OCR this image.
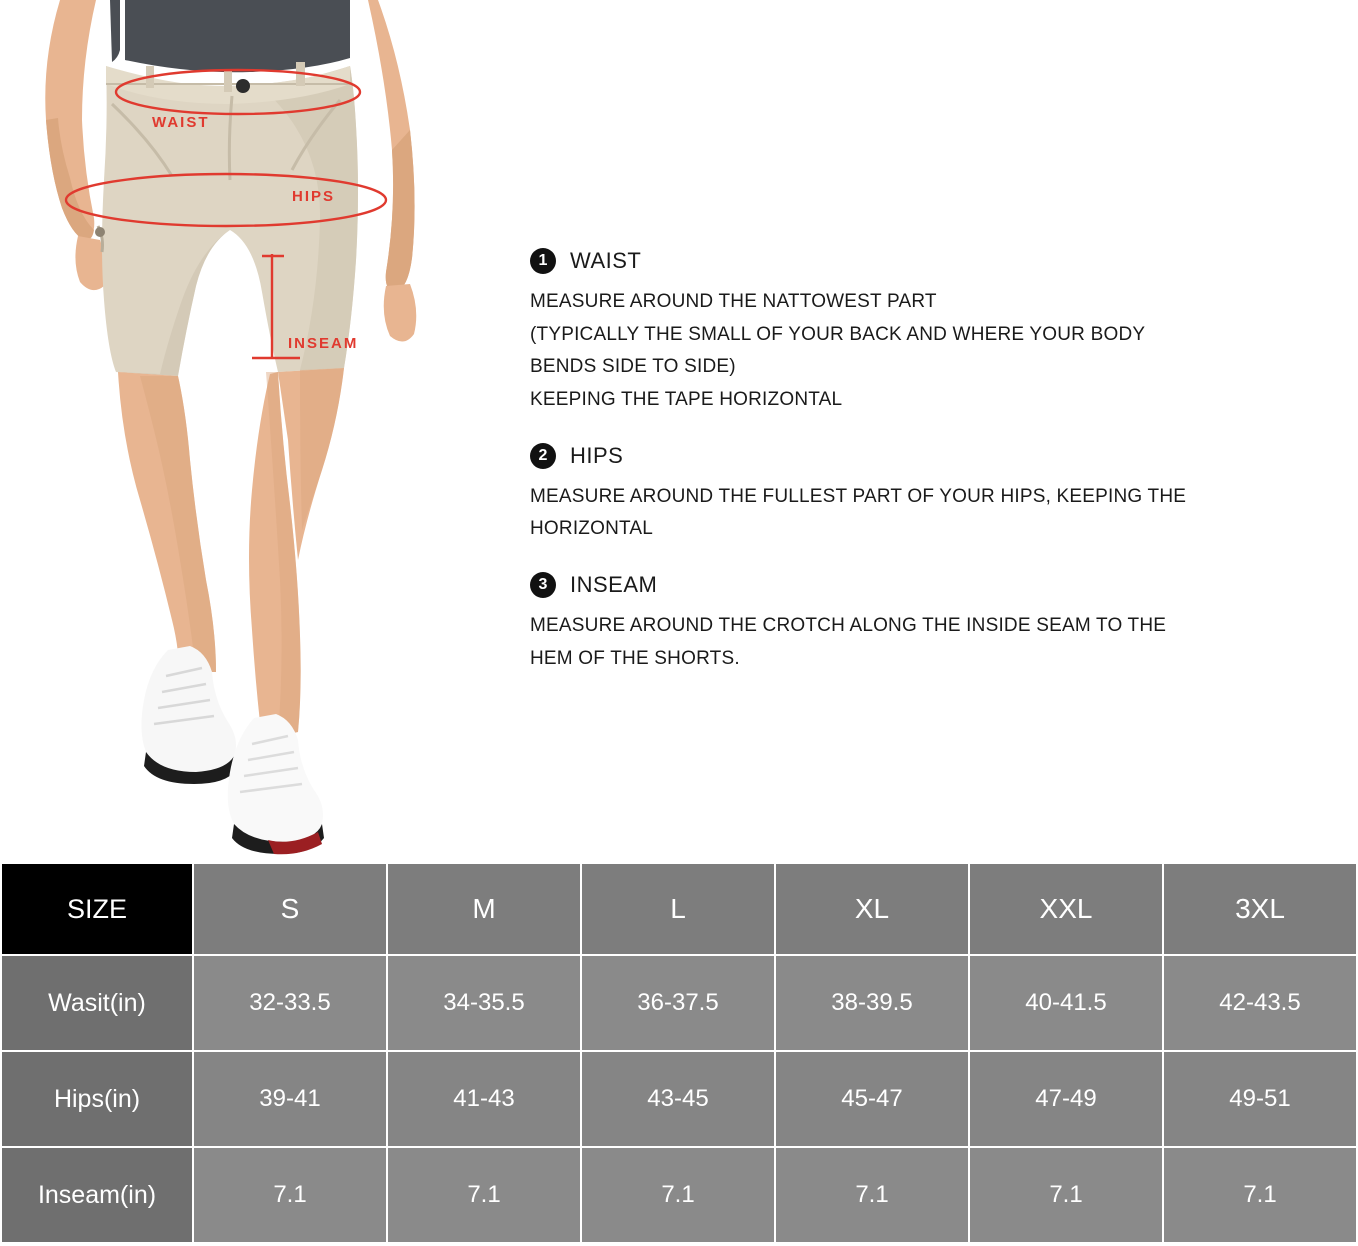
WAIST
HIPS
INSEAM
1	WAIST
MEASURE AROUND THE NATTOWEST PART
(TYPICALLY THE SMALL OF YOUR BACK AND WHERE YOUR BODY
BENDS SIDE TO SIDE)
KEEPING THE TAPE HORIZONTAL
2	HIPS
MEASURE AROUND THE FULLEST PART OF YOUR HIPS, KEEPING THE
HORIZONTAL
3	INSEAM
MEASURE AROUND THE CROTCH ALONG THE INSIDE SEAM TO THE
HEM OF THE SHORTS.
SIZE	S	M	L	XL	XXL	3XL
Wasit(in)	32-33.5	34-35.5	36-37.5	38-39.5	40-41.5	42-43.5
Hips(in)	39-41	41-43	43-45	45-47	47-49	49-51
Inseam(in)	7.1	7.1	7.1	7.1	7.1	7.1
